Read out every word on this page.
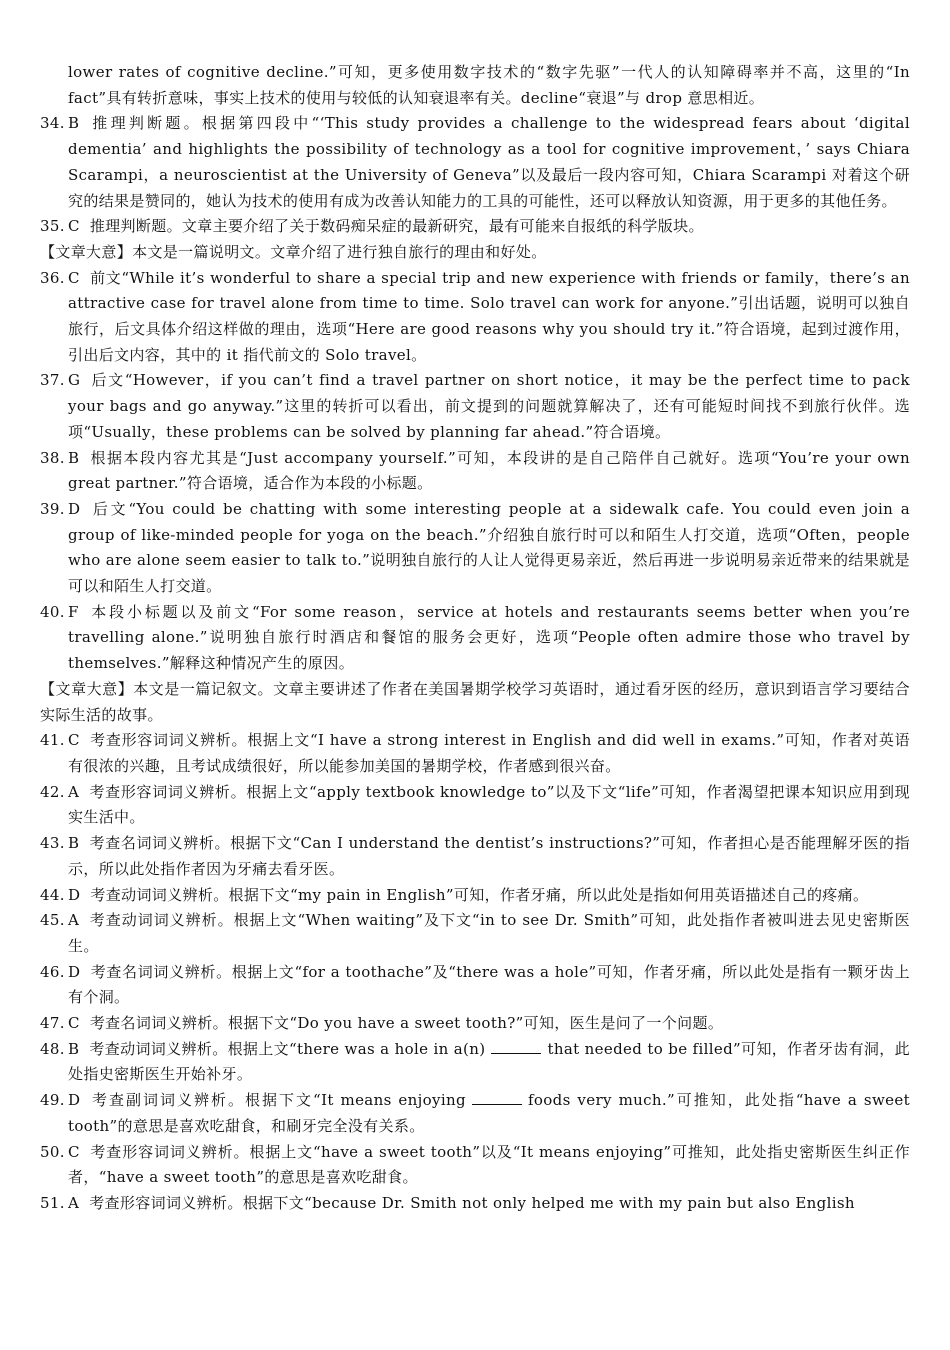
lower rates of cognitive decline.”可知，更多使用数字技术的“数字先驱”一代人的认知障碍率并不高，这里的“In fact”具有转折意味，事实上技术的使用与较低的认知衰退率有关。decline“衰退”与 drop 意思相近。
34. B 推理判断题。根据第四段中“‘This study provides a challenge to the widespread fears about ‘digital dementia’ and highlights the possibility of technology as a tool for cognitive improvement，’ says Chiara Scarampi，a neuroscientist at the University of Geneva”以及最后一段内容可知，Chiara Scarampi 对着这个研究的结果是赞同的，她认为技术的使用有成为改善认知能力的工具的可能性，还可以释放认知资源，用于更多的其他任务。
35. C 推理判断题。文章主要介绍了关于数码痴呆症的最新研究，最有可能来自报纸的科学版块。
【文章大意】本文是一篇说明文。文章介绍了进行独自旅行的理由和好处。
36. C 前文“While it’s wonderful to share a special trip and new experience with friends or family，there’s an attractive case for travel alone from time to time. Solo travel can work for anyone.”引出话题，说明可以独自旅行，后文具体介绍这样做的理由，选项“Here are good reasons why you should try it.”符合语境，起到过渡作用，引出后文内容，其中的 it 指代前文的 Solo travel。
37. G 后文“However，if you can’t find a travel partner on short notice，it may be the perfect time to pack your bags and go anyway.”这里的转折可以看出，前文提到的问题就算解决了，还有可能短时间找不到旅行伙伴。选项“Usually，these problems can be solved by planning far ahead.”符合语境。
38. B 根据本段内容尤其是“Just accompany yourself.”可知，本段讲的是自己陪伴自己就好。选项“You’re your own great partner.”符合语境，适合作为本段的小标题。
39. D 后文“You could be chatting with some interesting people at a sidewalk cafe. You could even join a group of like-minded people for yoga on the beach.”介绍独自旅行时可以和陌生人打交道，选项“Often，people who are alone seem easier to talk to.”说明独自旅行的人让人觉得更易亲近，然后再进一步说明易亲近带来的结果就是可以和陌生人打交道。
40. F 本段小标题以及前文“For some reason，service at hotels and restaurants seems better when you’re travelling alone.”说明独自旅行时酒店和餐馆的服务会更好，选项“People often admire those who travel by themselves.”解释这种情况产生的原因。
【文章大意】本文是一篇记叙文。文章主要讲述了作者在美国暑期学校学习英语时，通过看牙医的经历，意识到语言学习要结合实际生活的故事。
41. C 考查形容词词义辨析。根据上文“I have a strong interest in English and did well in exams.”可知，作者对英语有很浓的兴趣，且考试成绩很好，所以能参加美国的暑期学校，作者感到很兴奋。
42. A 考查形容词词义辨析。根据上文“apply textbook knowledge to”以及下文“life”可知，作者渴望把课本知识应用到现实生活中。
43. B 考查名词词义辨析。根据下文“Can I understand the dentist’s instructions?”可知，作者担心是否能理解牙医的指示，所以此处指作者因为牙痛去看牙医。
44. D 考查动词词义辨析。根据下文“my pain in English”可知，作者牙痛，所以此处是指如何用英语描述自己的疼痛。
45. A 考查动词词义辨析。根据上文“When waiting”及下文“in to see Dr. Smith”可知，此处指作者被叫进去见史密斯医生。
46. D 考查名词词义辨析。根据上文“for a toothache”及“there was a hole”可知，作者牙痛，所以此处是指有一颗牙齿上有个洞。
47. C 考查名词词义辨析。根据下文“Do you have a sweet tooth?”可知，医生是问了一个问题。
48. B 考查动词词义辨析。根据上文“there was a hole in a(n)	that needed to be filled”可知，作者牙齿有洞，此处指史密斯医生开始补牙。
49. D 考查副词词义辨析。根据下文“It means enjoying	foods very much.”可推知，此处指“have a sweet tooth”的意思是喜欢吃甜食，和刷牙完全没有关系。
50. C 考查形容词词义辨析。根据上文“have a sweet tooth”以及“It means enjoying”可推知，此处指史密斯医生纠正作者，“have a sweet tooth”的意思是喜欢吃甜食。
51. A 考查形容词词义辨析。根据下文“because Dr. Smith not only helped me with my pain but also English
